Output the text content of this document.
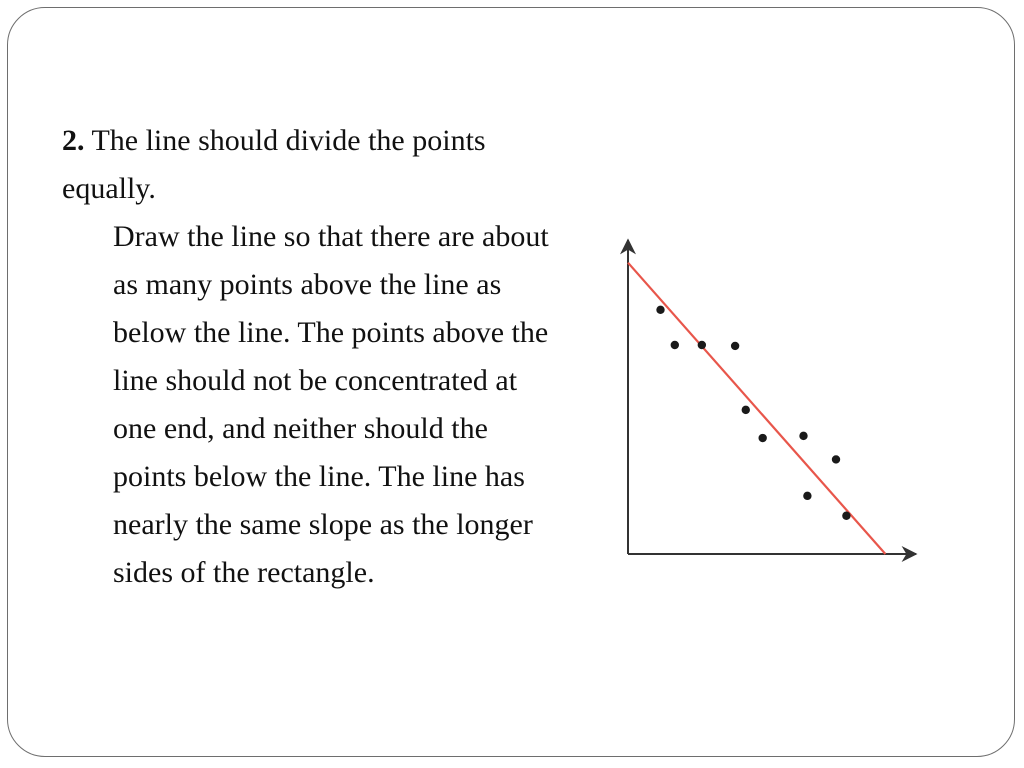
2. The line should divide the points equally.

Draw the line so that there are about as many points above the line as below the line. The points above the line should not be concentrated at one end, and neither should the points below the line. The line has nearly the same slope as the longer sides of the rectangle.
